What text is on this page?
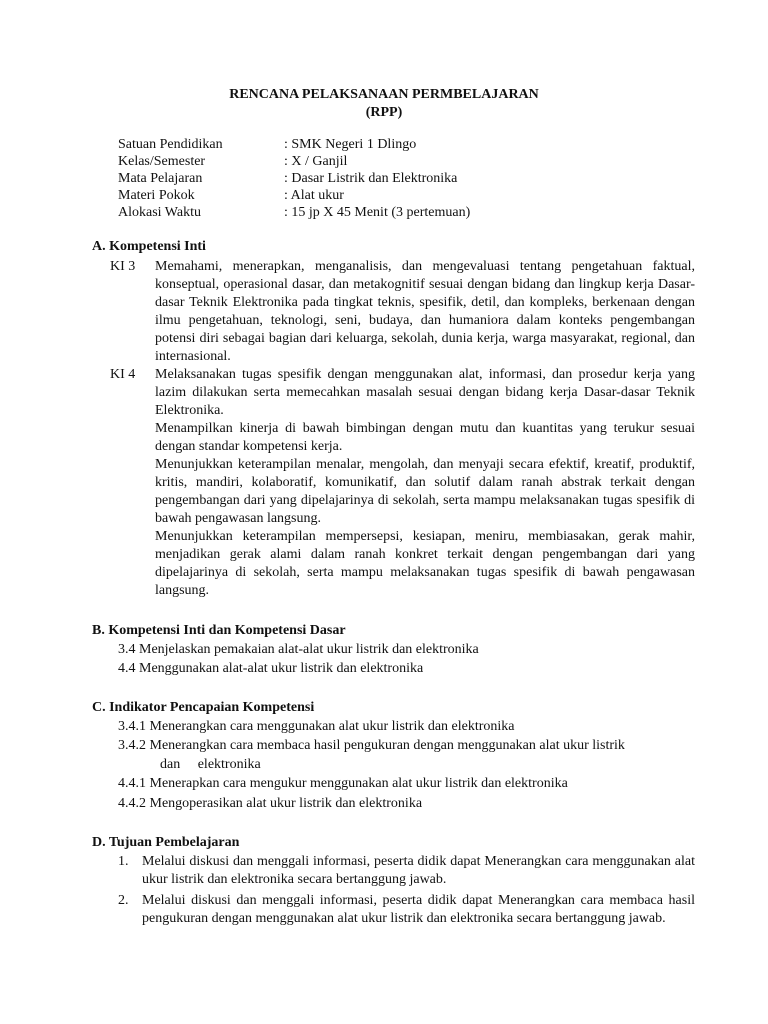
RENCANA PELAKSANAAN PERMBELAJARAN
(RPP)
Satuan Pendidikan	: SMK Negeri 1 Dlingo
Kelas/Semester	: X / Ganjil
Mata Pelajaran	: Dasar Listrik dan Elektronika
Materi Pokok	: Alat ukur
Alokasi Waktu	: 15 jp X 45 Menit (3 pertemuan)
A. Kompetensi Inti
KI 3	Memahami, menerapkan, menganalisis, dan mengevaluasi tentang pengetahuan faktual, konseptual, operasional dasar, dan metakognitif sesuai dengan bidang dan lingkup kerja Dasar-dasar Teknik Elektronika pada tingkat teknis, spesifik, detil, dan kompleks, berkenaan dengan ilmu pengetahuan, teknologi, seni, budaya, dan humaniora dalam konteks pengembangan potensi diri sebagai bagian dari keluarga, sekolah, dunia kerja, warga masyarakat, regional, dan internasional.
KI 4	Melaksanakan tugas spesifik dengan menggunakan alat, informasi, dan prosedur kerja yang lazim dilakukan serta memecahkan masalah sesuai dengan bidang kerja Dasar-dasar Teknik Elektronika.

Menampilkan kinerja di bawah bimbingan dengan mutu dan kuantitas yang terukur sesuai dengan standar kompetensi kerja.

Menunjukkan keterampilan menalar, mengolah, dan menyaji secara efektif, kreatif, produktif, kritis, mandiri, kolaboratif, komunikatif, dan solutif dalam ranah abstrak terkait dengan pengembangan dari yang dipelajarinya di sekolah, serta mampu melaksanakan tugas spesifik di bawah pengawasan langsung.

Menunjukkan keterampilan mempersepsi, kesiapan, meniru, membiasakan, gerak mahir, menjadikan gerak alami dalam ranah konkret terkait dengan pengembangan dari yang dipelajarinya di sekolah, serta mampu melaksanakan tugas spesifik di bawah pengawasan langsung.

B. Kompetensi Inti dan Kompetensi Dasar
3.4 Menjelaskan pemakaian alat-alat ukur listrik dan elektronika
4.4 Menggunakan alat-alat ukur listrik dan elektronika
C. Indikator Pencapaian Kompetensi
3.4.1 Menerangkan cara menggunakan alat ukur listrik dan elektronika
3.4.2 Menerangkan cara membaca hasil pengukuran dengan menggunakan alat ukur listrik
dan     elektronika
4.4.1 Menerapkan cara mengukur menggunakan alat ukur listrik dan elektronika
4.4.2 Mengoperasikan alat ukur listrik dan elektronika
D. Tujuan Pembelajaran
1. Melalui diskusi dan menggali informasi, peserta didik dapat Menerangkan cara menggunakan alat ukur listrik dan elektronika secara bertanggung jawab.
2. Melalui diskusi dan menggali informasi, peserta didik dapat Menerangkan cara membaca hasil pengukuran dengan menggunakan alat ukur listrik dan elektronika secara bertanggung jawab.
